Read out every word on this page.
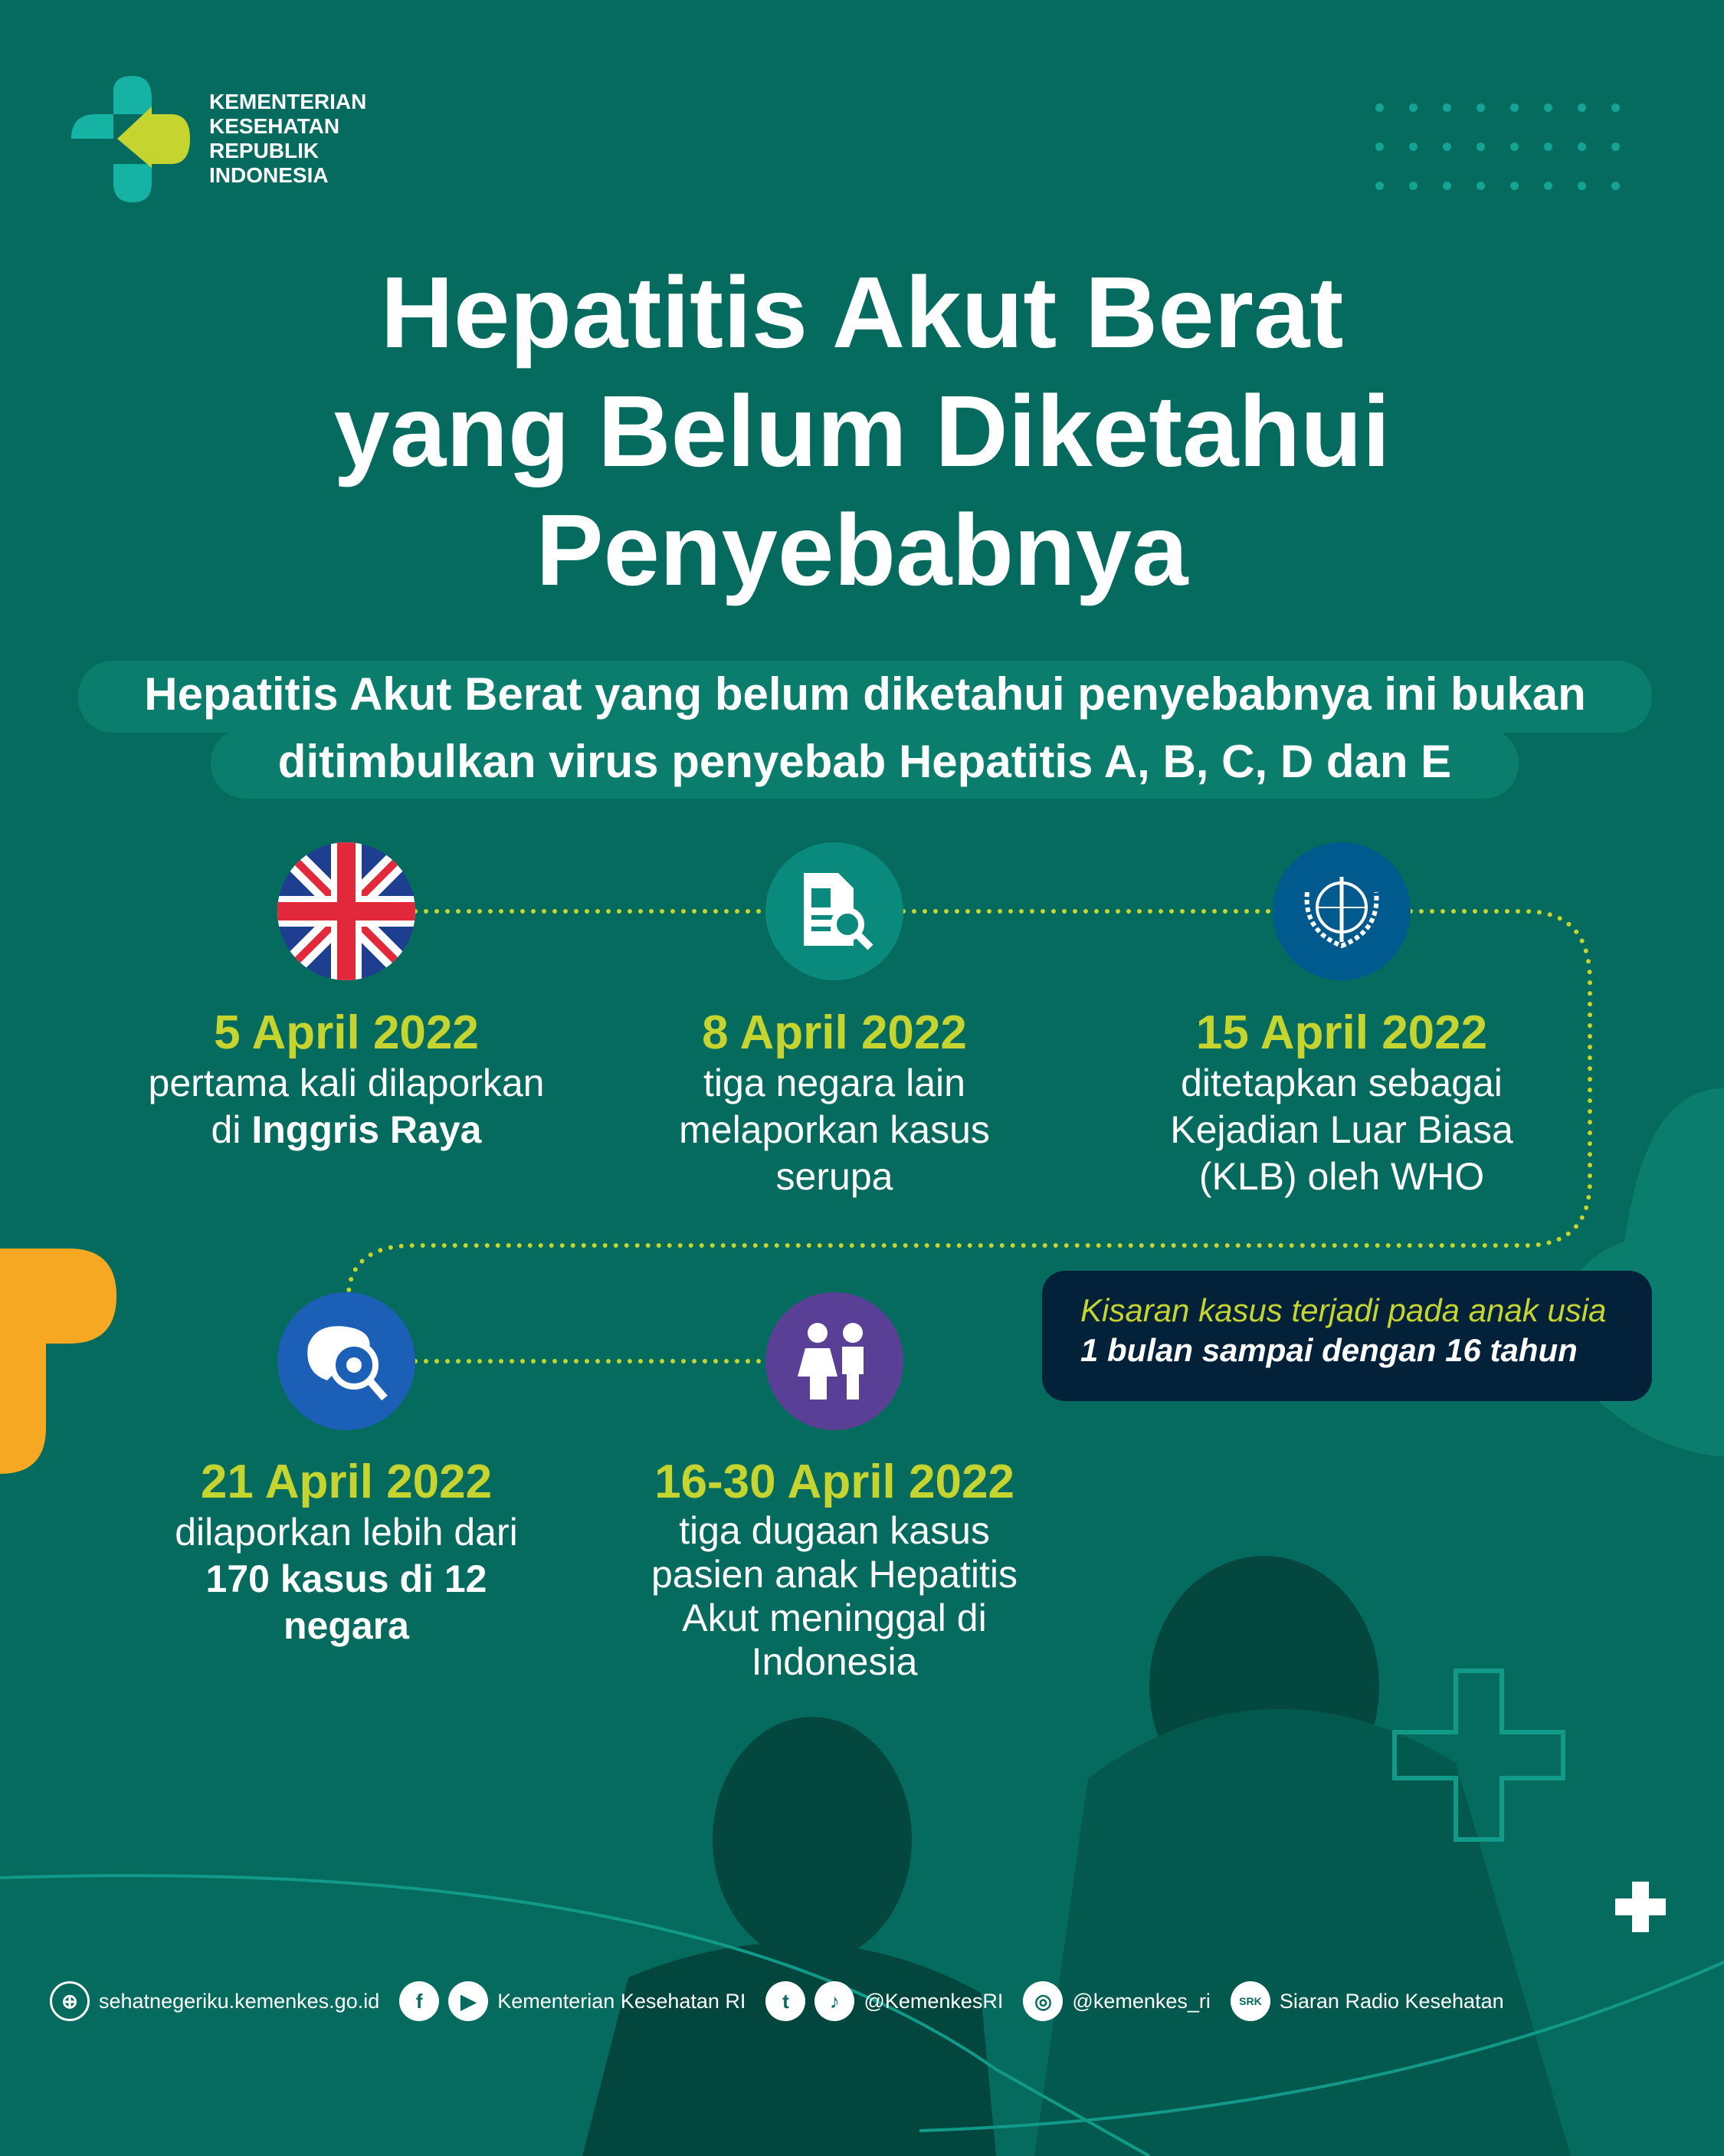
KEMENTERIAN
KESEHATAN
REPUBLIK
INDONESIA
Hepatitis Akut Berat
yang Belum Diketahui
Penyebabnya
Hepatitis Akut Berat yang belum diketahui penyebabnya ini bukan
ditimbulkan virus penyebab Hepatitis A, B, C, D dan E
5 April 2022
pertama kali dilaporkan
di Inggris Raya
8 April 2022
tiga negara lain
melaporkan kasus
serupa
15 April 2022
ditetapkan sebagai
Kejadian Luar Biasa
(KLB) oleh WHO
21 April 2022
dilaporkan lebih dari
170 kasus di 12
negara
16-30 April 2022
tiga dugaan kasus
pasien anak Hepatitis
Akut meninggal di
Indonesia
Kisaran kasus terjadi pada anak usia
1 bulan sampai dengan 16 tahun
⊕	sehatnegeriku.kemenkes.go.id	f	▶	Kementerian Kesehatan RI	t	♪	@KemenkesRI	◎ @kemenkes_ri	SRK Siaran Radio Kesehatan
